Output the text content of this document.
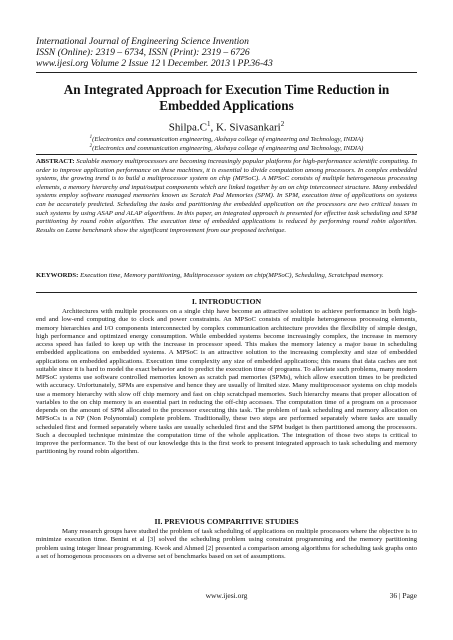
International Journal of Engineering Science Invention
ISSN (Online): 2319 – 6734, ISSN (Print): 2319 – 6726
www.ijesi.org Volume 2 Issue 12 ǁ December. 2013 ǁ PP.36-43
An Integrated Approach for Execution Time Reduction in Embedded Applications
$Shilpa.C^1$, K. Sivasankari$^2$
$^1$(Electronics and communication engineering, Akshaya college of engineering and Technology, INDIA)
$^2$(Electronics and communication engineering, Akshaya college of engineering and Technology, INDIA)
ABSTRACT: Scalable memory multiprocessors are becoming increasingly popular platforms for high-performance scientific computing. In order to improve application performance on these machines, it is essential to divide computation among processors. In complex embedded systems, the growing trend is to build a multiprocessor system on chip (MPSoC). A MPSoC consists of multiple heterogeneous processing elements, a memory hierarchy and input/output components which are linked together by an on chip interconnect structure. Many embedded systems employ software managed memories known as Scratch Pad Memories (SPM). In SPM, execution time of applications on systems can be accurately predicted. Scheduling the tasks and partitioning the embedded application on the processors are two critical issues in such systems by using ASAP and ALAP algorithms. In this paper, an integrated approach is presented for effective task scheduling and SPM partitioning by round robin algorithm. The execution time of embedded applications is reduced by performing round robin algorithm. Results on Lame benchmark show the significant improvement from our proposed technique.
KEYWORDS: Execution time, Memory partitioning, Multiprocessor system on chip(MPSoC), Scheduling, Scratchpad memory.
I. INTRODUCTION
Architectures with multiple processors on a single chip have become an attractive solution to achieve performance in both high-end and low-end computing due to clock and power constraints. An MPSoC consists of multiple heterogeneous processing elements, memory hierarchies and I/O components interconnected by complex communication architecture provides the flexibility of simple design, high performance and optimized energy consumption. While embedded systems become increasingly complex, the increase in memory access speed has failed to keep up with the increase in processor speed. This makes the memory latency a major issue in scheduling embedded applications on embedded systems. A MPSoC is an attractive solution to the increasing complexity and size of embedded applications on embedded applications. Execution time complexity any size of embedded applications; this means that data caches are not suitable since it is hard to model the exact behavior and to predict the execution time of programs. To alleviate such problems, many modern MPSoC systems use software controlled memories known as scratch pad memories (SPMs), which allow execution times to be predicted with accuracy. Unfortunately, SPMs are expensive and hence they are usually of limited size. Many multiprocessor systems on chip models use a memory hierarchy with slow off chip memory and fast on chip scratchpad memories. Such hierarchy means that proper allocation of variables to the on chip memory is an essential part in reducing the off-chip accesses. The computation time of a program on a processor depends on the amount of SPM allocated to the processor executing this task. The problem of task scheduling and memory allocation on MPSoCs is a NP (Non Polynomial) complete problem. Traditionally, these two steps are performed separately where tasks are usually scheduled first and formed separately where tasks are usually scheduled first and the SPM budget is then partitioned among the processors. Such a decoupled technique minimize the computation time of the whole application. The integration of those two steps is critical to improve the performance. To the best of our knowledge this is the first work to present integrated approach to task scheduling and memory partitioning by round robin algorithm.
II. PREVIOUS COMPARITIVE STUDIES
Many research groups have studied the problem of task scheduling of applications on multiple processors where the objective is to minimize execution time. Benini et al [3] solved the scheduling problem using constraint programming and the memory partitioning problem using integer linear programming. Kwok and Ahmed [2] presented a comparison among algorithms for scheduling task graphs onto a set of homogenous processors on a diverse set of benchmarks based on set of assumptions.
www.ijesi.org	36 | Page
